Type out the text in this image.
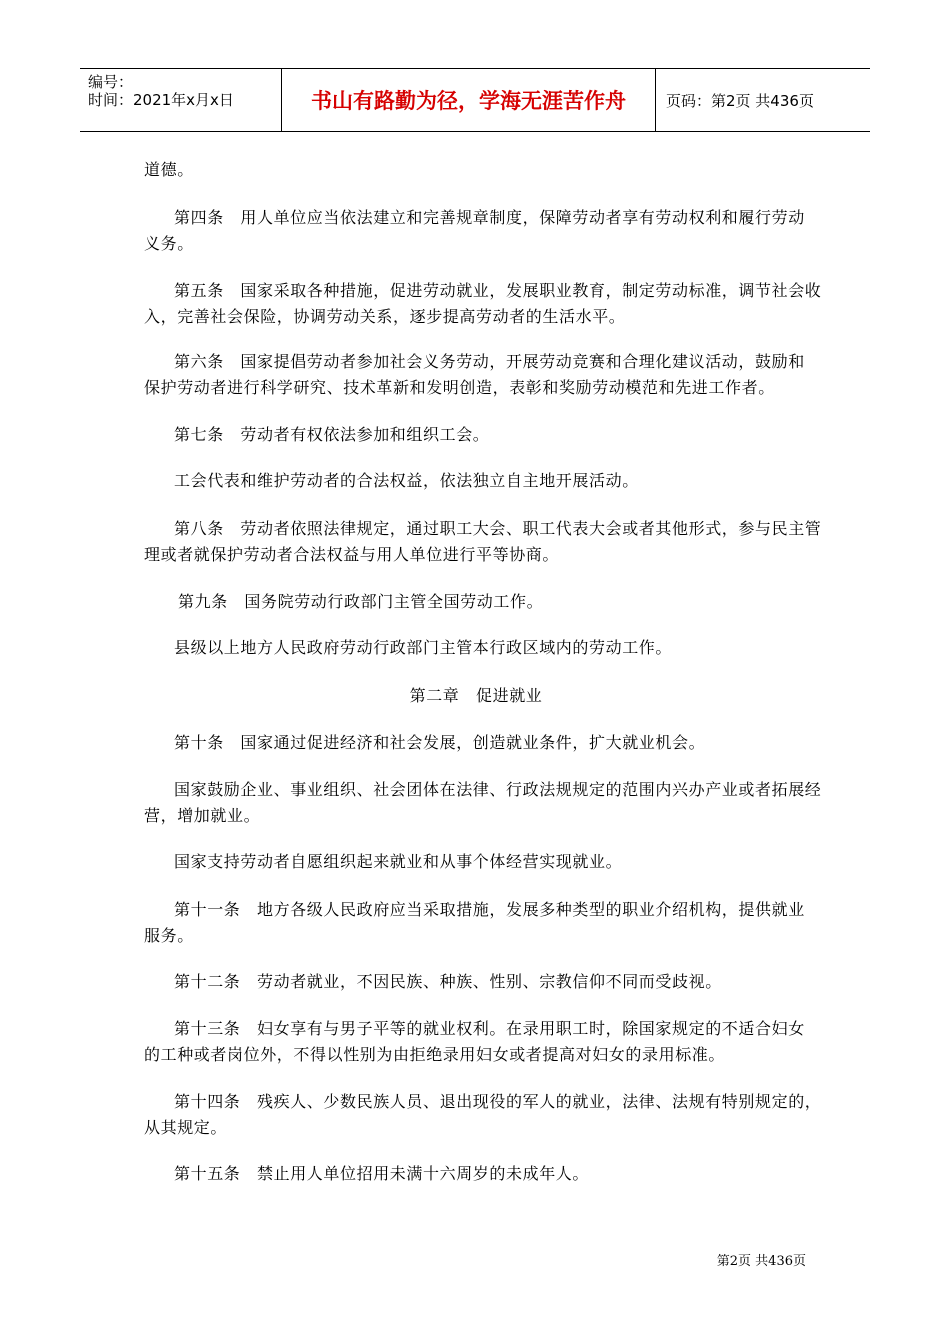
编号：
时间：2021年x月x日	书山有路勤为径，学海无涯苦作舟	页码：第2页 共436页
道德。
第四条　用人单位应当依法建立和完善规章制度，保障劳动者享有劳动权利和履行劳动
义务。
第五条　国家采取各种措施，促进劳动就业，发展职业教育，制定劳动标准，调节社会收
入，完善社会保险，协调劳动关系，逐步提高劳动者的生活水平。
第六条　国家提倡劳动者参加社会义务劳动，开展劳动竞赛和合理化建议活动，鼓励和
保护劳动者进行科学研究、技术革新和发明创造，表彰和奖励劳动模范和先进工作者。
第七条　劳动者有权依法参加和组织工会。
工会代表和维护劳动者的合法权益，依法独立自主地开展活动。
第八条　劳动者依照法律规定，通过职工大会、职工代表大会或者其他形式，参与民主管
理或者就保护劳动者合法权益与用人单位进行平等协商。
第九条　国务院劳动行政部门主管全国劳动工作。
县级以上地方人民政府劳动行政部门主管本行政区域内的劳动工作。
第二章　促进就业
第十条　国家通过促进经济和社会发展，创造就业条件，扩大就业机会。
国家鼓励企业、事业组织、社会团体在法律、行政法规规定的范围内兴办产业或者拓展经
营，增加就业。
国家支持劳动者自愿组织起来就业和从事个体经营实现就业。
第十一条　地方各级人民政府应当采取措施，发展多种类型的职业介绍机构，提供就业
服务。
第十二条　劳动者就业，不因民族、种族、性别、宗教信仰不同而受歧视。
第十三条　妇女享有与男子平等的就业权利。在录用职工时，除国家规定的不适合妇女
的工种或者岗位外，不得以性别为由拒绝录用妇女或者提高对妇女的录用标准。
第十四条　残疾人、少数民族人员、退出现役的军人的就业，法律、法规有特别规定的，
从其规定。
第十五条　禁止用人单位招用未满十六周岁的未成年人。
第2页 共436页
